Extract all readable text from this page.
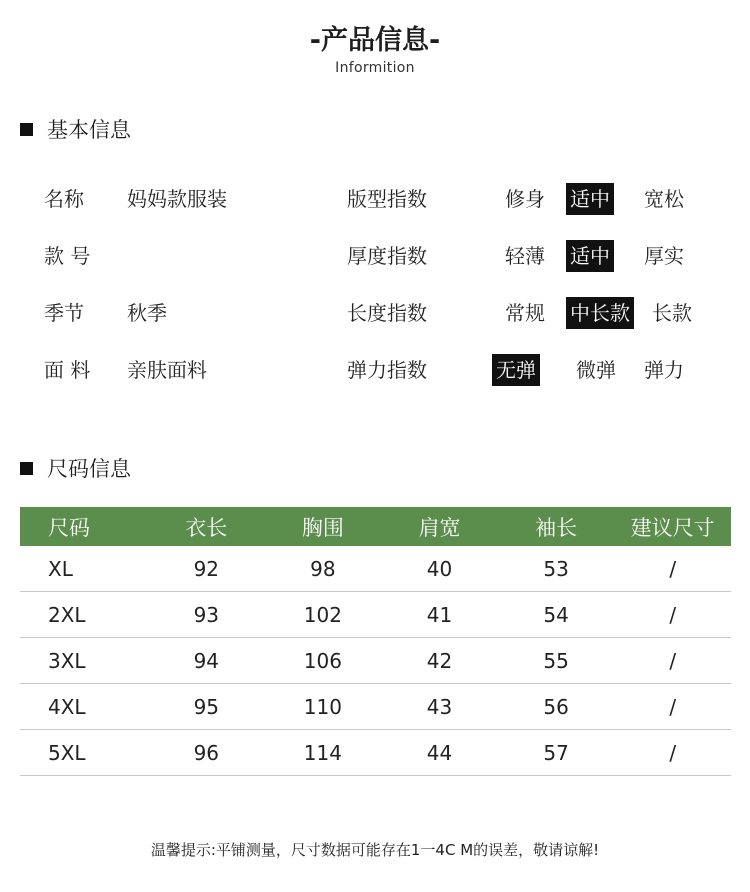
-产品信息-
Informition
基本信息
名称 妈妈款服装	版型指数	修身 适中 宽松
款 号	厚度指数	轻薄 适中 厚实
季节 秋季	长度指数	常规 中长款 长款
面 料 亲肤面料	弹力指数	无弹 微弹 弹力
尺码信息
尺码	衣长	胸围	肩宽	袖长	建议尺寸
XL	92	98	40	53	/
2XL	93	102	41	54	/
3XL	94	106	42	55	/
4XL	95	110	43	56	/
5XL	96	114	44	57	/
温馨提示:平铺测量，尺寸数据可能存在1一4C M的误差，敬请谅解!
